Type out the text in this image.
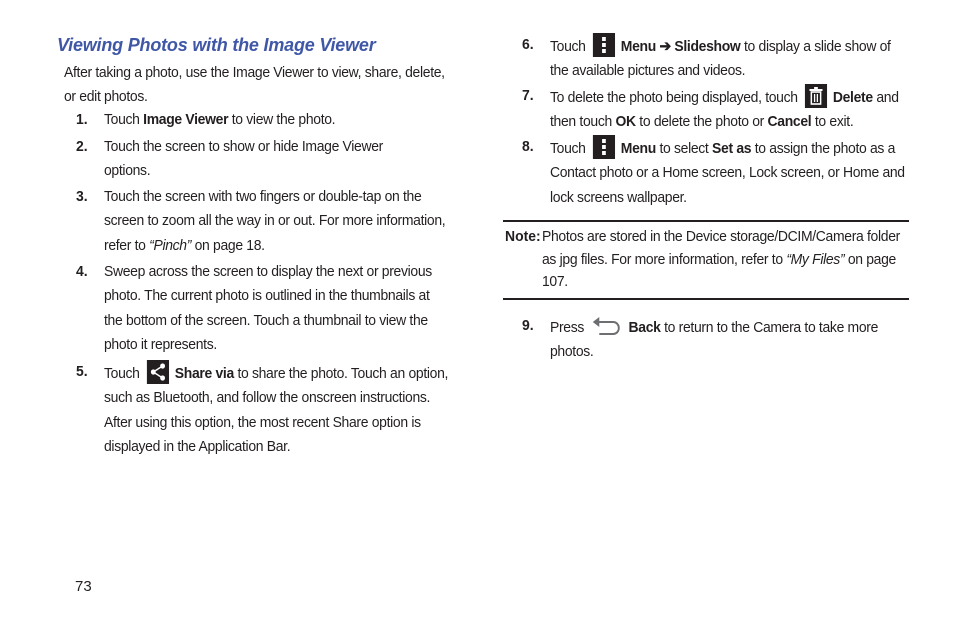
Viewing Photos with the Image Viewer
After taking a photo, use the Image Viewer to view, share, delete, or edit photos.
1. Touch Image Viewer to view the photo.
2. Touch the screen to show or hide Image Viewer options.
3. Touch the screen with two fingers or double-tap on the screen to zoom all the way in or out. For more information, refer to “Pinch” on page 18.
4. Sweep across the screen to display the next or previous photo. The current photo is outlined in the thumbnails at the bottom of the screen. Touch a thumbnail to view the photo it represents.
5. Touch
Share via to share the photo. Touch an option, such as Bluetooth, and follow the onscreen instructions. After using this option, the most recent Share option is displayed in the Application Bar.
6. Touch
Menu ➔ Slideshow to display a slide show of the available pictures and videos.
7. To delete the photo being displayed, touch
Delete and then touch OK to delete the photo or Cancel to exit.
8. Touch
Menu to select Set as to assign the photo as a Contact photo or a Home screen, Lock screen, or Home and lock screens wallpaper.
Note: Photos are stored in the Device storage/DCIM/Camera folder as jpg files. For more information, refer to “My Files” on page 107.
9. Press	Back to return to the Camera to take more photos.
73
